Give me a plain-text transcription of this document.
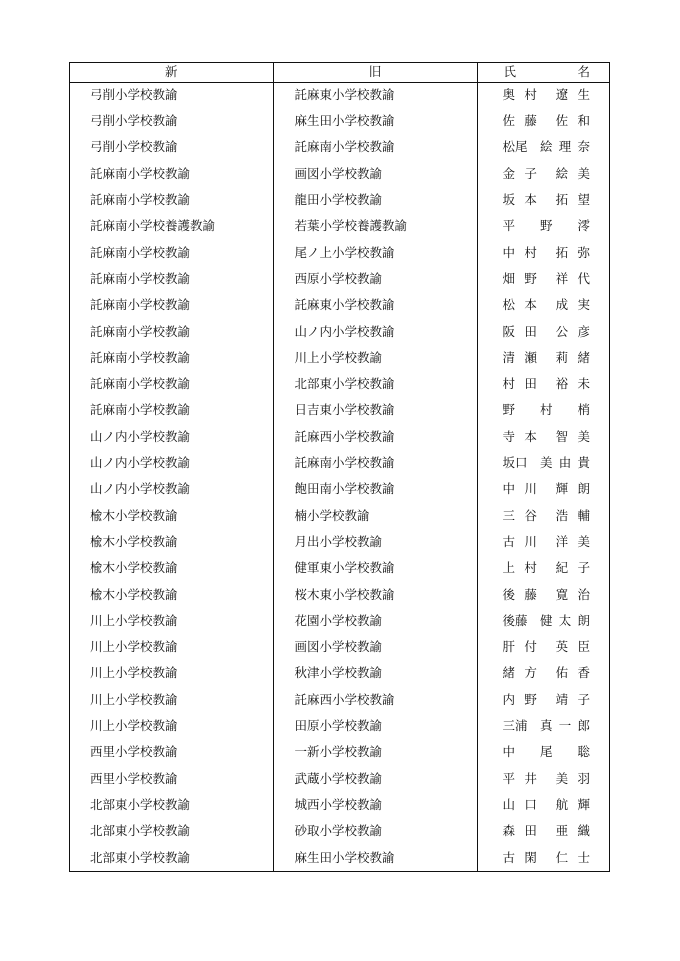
新	旧	氏 名

弓削小学校教諭	託麻東小学校教諭	奥 村 遼 生

弓削小学校教諭	麻生田小学校教諭	佐 藤 佐 和

弓削小学校教諭	託麻南小学校教諭	松尾 絵 理 奈

託麻南小学校教諭	画図小学校教諭	金 子 絵 美

託麻南小学校教諭	龍田小学校教諭	坂 本 拓 望

託麻南小学校養護教諭	若葉小学校養護教諭	平 野 澪

託麻南小学校教諭	尾ノ上小学校教諭	中 村 拓 弥

託麻南小学校教諭	西原小学校教諭	畑 野 祥 代

託麻南小学校教諭	託麻東小学校教諭	松 本 成 実

託麻南小学校教諭	山ノ内小学校教諭	阪 田 公 彦

託麻南小学校教諭	川上小学校教諭	清 瀬 莉 緒

託麻南小学校教諭	北部東小学校教諭	村 田 裕 未

託麻南小学校教諭	日吉東小学校教諭	野 村 梢

山ノ内小学校教諭	託麻西小学校教諭	寺 本 智 美

山ノ内小学校教諭	託麻南小学校教諭	坂口 美 由 貴

山ノ内小学校教諭	飽田南小学校教諭	中 川 輝 朗

楡木小学校教諭	楠小学校教諭	三 谷 浩 輔

楡木小学校教諭	月出小学校教諭	古 川 洋 美

楡木小学校教諭	健軍東小学校教諭	上 村 紀 子

楡木小学校教諭	桜木東小学校教諭	後 藤 寛 治

川上小学校教諭	花園小学校教諭	後藤 健 太 朗

川上小学校教諭	画図小学校教諭	肝 付 英 臣

川上小学校教諭	秋津小学校教諭	緒 方 佑 香

川上小学校教諭	託麻西小学校教諭	内 野 靖 子

川上小学校教諭	田原小学校教諭	三浦 真 一 郎

西里小学校教諭	一新小学校教諭	中 尾 聡

西里小学校教諭	武蔵小学校教諭	平 井 美 羽

北部東小学校教諭	城西小学校教諭	山 口 航 輝

北部東小学校教諭	砂取小学校教諭	森 田 亜 織

北部東小学校教諭	麻生田小学校教諭	古 閑 仁 士
